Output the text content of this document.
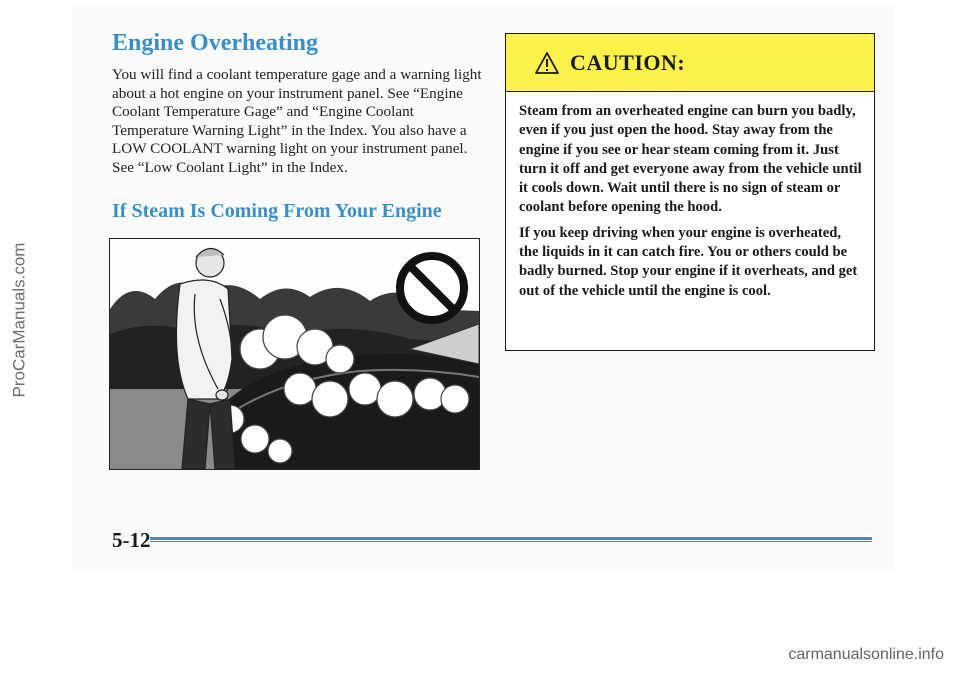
ProCarManuals.com
Engine Overheating

You will find a coolant temperature gage and a warning light about a hot engine on your instrument panel. See “Engine Coolant Temperature Gage” and “Engine Coolant Temperature Warning Light” in the Index. You also have a LOW COOLANT warning light on your instrument panel. See “Low Coolant Light” in the Index.

If Steam Is Coming From Your Engine
CAUTION:

Steam from an overheated engine can burn you badly, even if you just open the hood. Stay away from the engine if you see or hear steam coming from it. Just turn it off and get everyone away from the vehicle until it cools down. Wait until there is no sign of steam or coolant before opening the hood.

If you keep driving when your engine is overheated, the liquids in it can catch fire. You or others could be badly burned. Stop your engine if it overheats, and get out of the vehicle until the engine is cool.

5-12
carmanualsonline.info
